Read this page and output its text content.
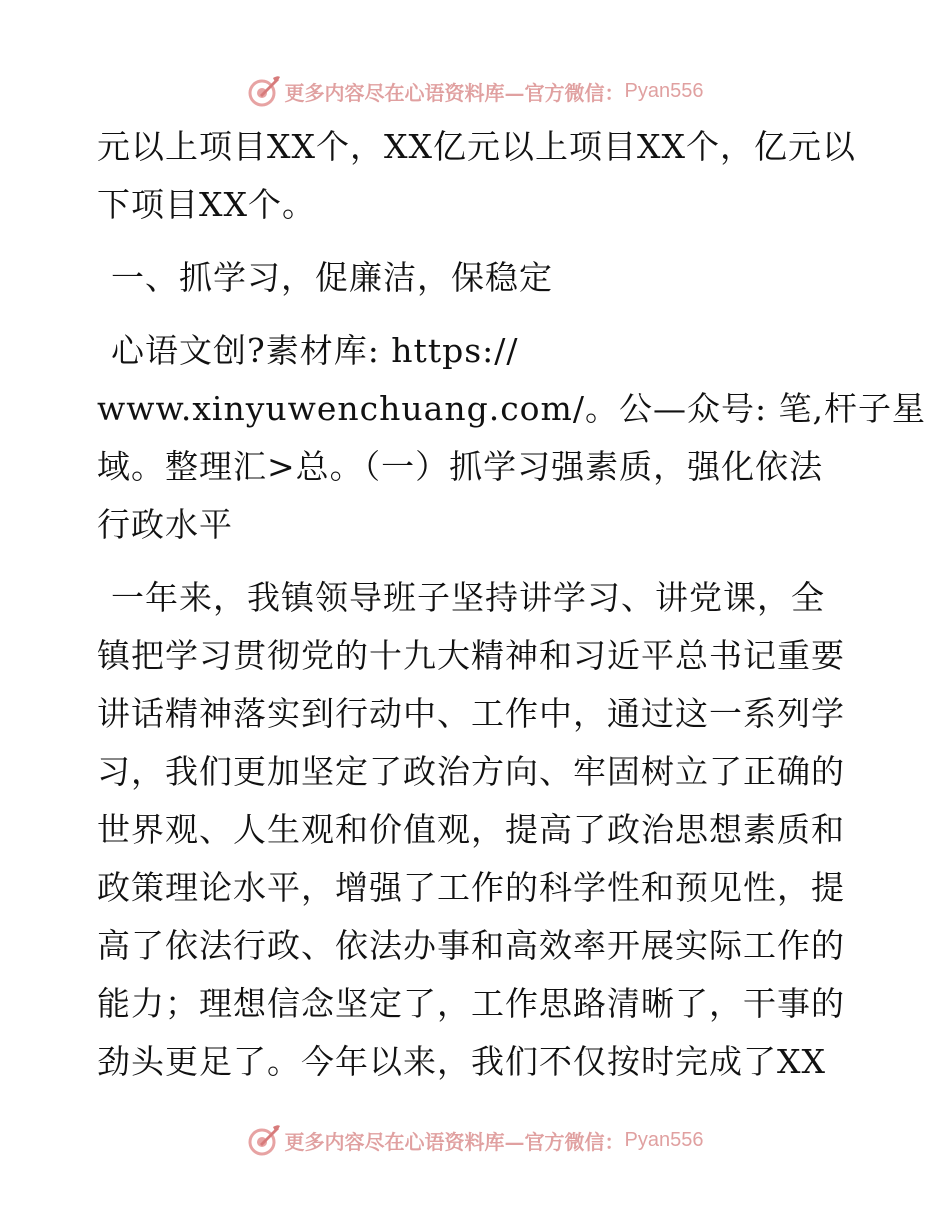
更多内容尽在心语资料库—官方微信： Pyan556
元以上项目XX个，XX亿元以上项目XX个，亿元以
下项目XX个。
一、抓学习，促廉洁，保稳定
心语文创?素材库: https://
www.xinyuwenchuang.com/。公—众号: 笔,杆子星
域。整理汇>总。（一）抓学习强素质，强化依法
行政水平
一年来，我镇领导班子坚持讲学习、讲党课，全
镇把学习贯彻党的十九大精神和习近平总书记重要
讲话精神落实到行动中、工作中，通过这一系列学
习，我们更加坚定了政治方向、牢固树立了正确的
世界观、人生观和价值观，提高了政治思想素质和
政策理论水平，增强了工作的科学性和预见性，提
高了依法行政、依法办事和高效率开展实际工作的
能力；理想信念坚定了，工作思路清晰了，干事的
劲头更足了。今年以来，我们不仅按时完成了XX
更多内容尽在心语资料库—官方微信： Pyan556
